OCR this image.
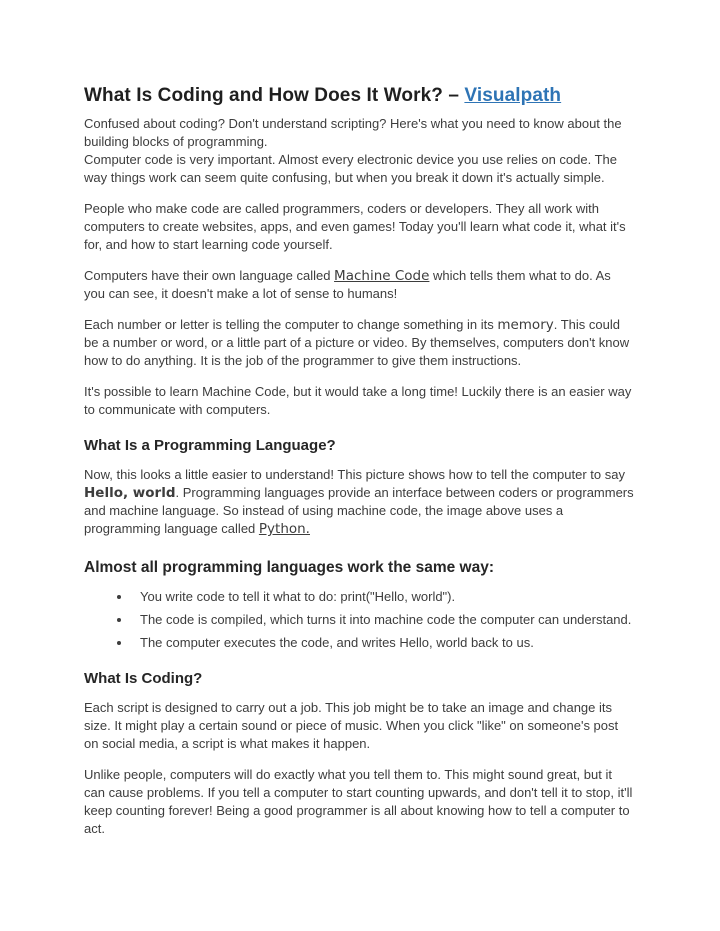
What Is Coding and How Does It Work? – Visualpath

Confused about coding? Don't understand scripting? Here's what you need to know about the building blocks of programming.

Computer code is very important. Almost every electronic device you use relies on code. The way things work can seem quite confusing, but when you break it down it's actually simple.

People who make code are called programmers, coders or developers. They all work with computers to create websites, apps, and even games! Today you'll learn what code it, what it's for, and how to start learning code yourself.

Computers have their own language called Machine Code which tells them what to do. As you can see, it doesn't make a lot of sense to humans!

Each number or letter is telling the computer to change something in its memory. This could be a number or word, or a little part of a picture or video. By themselves, computers don't know how to do anything. It is the job of the programmer to give them instructions.

It's possible to learn Machine Code, but it would take a long time! Luckily there is an easier way to communicate with computers.

What Is a Programming Language?

Now, this looks a little easier to understand! This picture shows how to tell the computer to say Hello, world. Programming languages provide an interface between coders or programmers and machine language. So instead of using machine code, the image above uses a programming language called Python.

Almost all programming languages work the same way:
• You write code to tell it what to do: print("Hello, world").
• The code is compiled, which turns it into machine code the computer can understand.
• The computer executes the code, and writes Hello, world back to us.
What Is Coding?

Each script is designed to carry out a job. This job might be to take an image and change its size. It might play a certain sound or piece of music. When you click "like" on someone's post on social media, a script is what makes it happen.

Unlike people, computers will do exactly what you tell them to. This might sound great, but it can cause problems. If you tell a computer to start counting upwards, and don't tell it to stop, it'll keep counting forever! Being a good programmer is all about knowing how to tell a computer to act.
